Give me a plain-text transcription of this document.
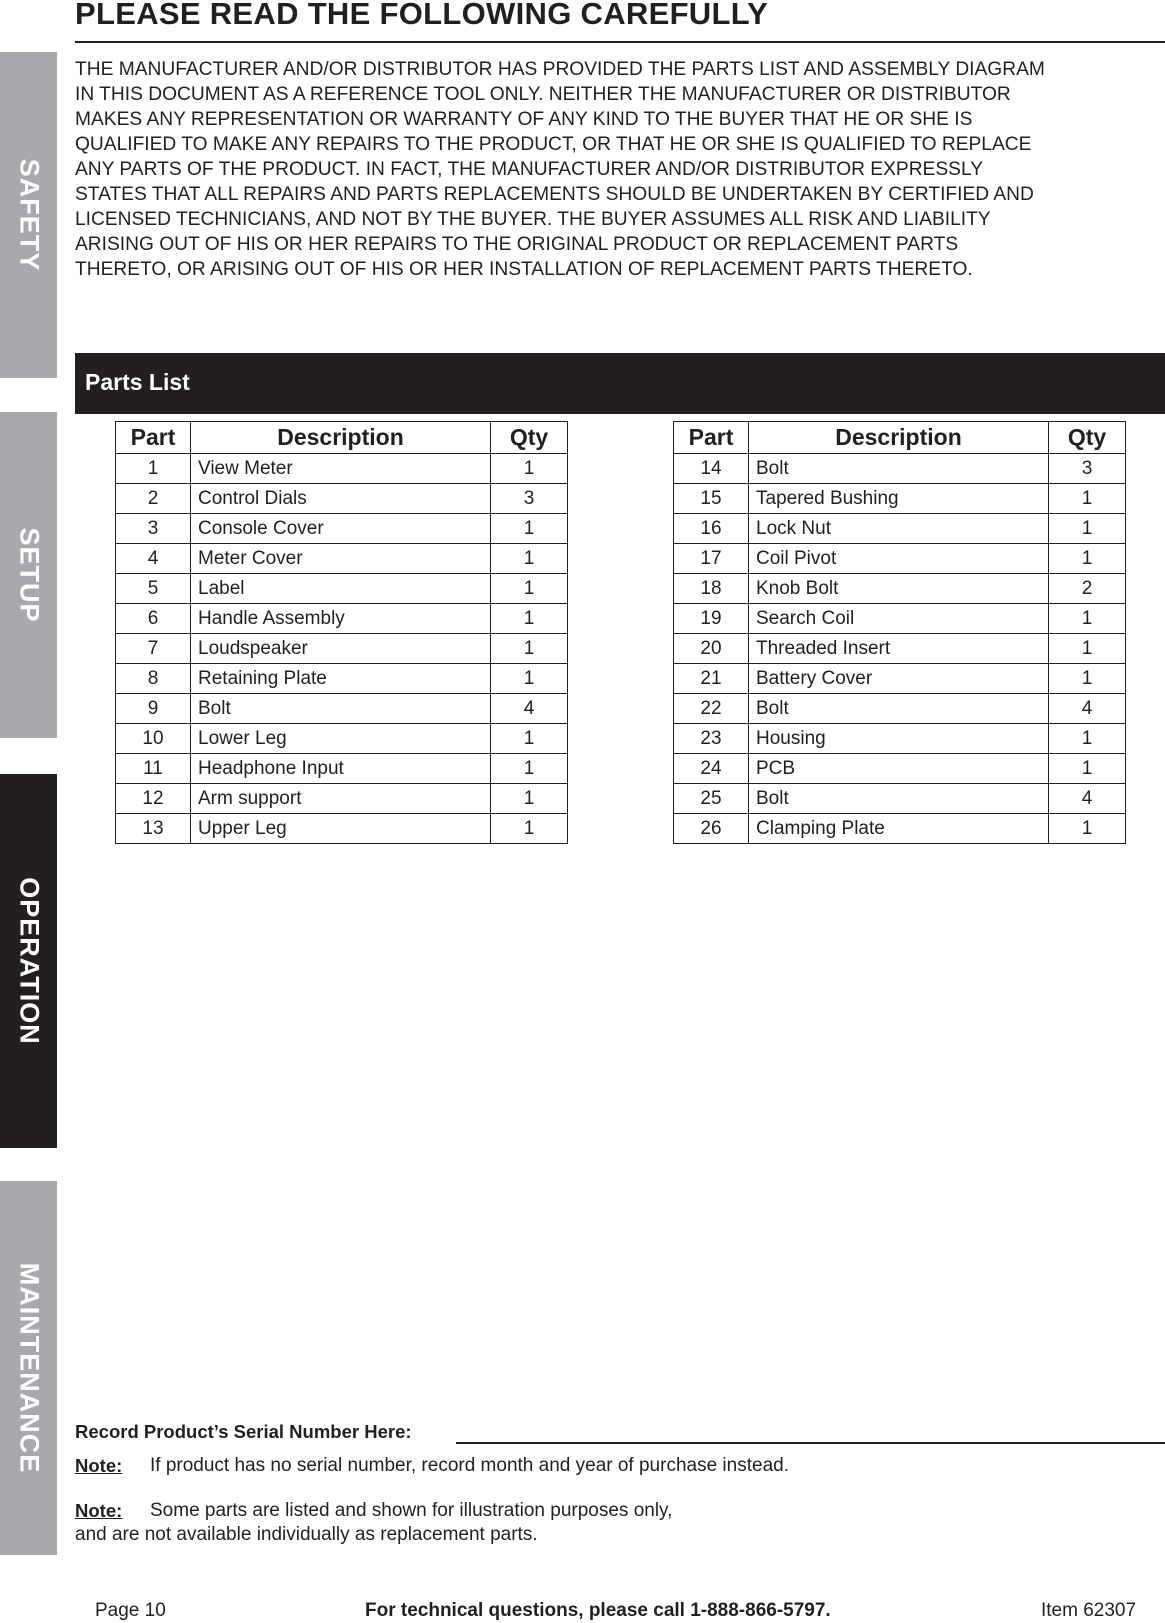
SAFETY
SETUP
OPERATION
MAINTENANCE
PLEASE READ THE FOLLOWING CAREFULLY

THE MANUFACTURER AND/OR DISTRIBUTOR HAS PROVIDED THE PARTS LIST AND ASSEMBLY DIAGRAM
IN THIS DOCUMENT AS A REFERENCE TOOL ONLY. NEITHER THE MANUFACTURER OR DISTRIBUTOR
MAKES ANY REPRESENTATION OR WARRANTY OF ANY KIND TO THE BUYER THAT HE OR SHE IS
QUALIFIED TO MAKE ANY REPAIRS TO THE PRODUCT, OR THAT HE OR SHE IS QUALIFIED TO REPLACE
ANY PARTS OF THE PRODUCT. IN FACT, THE MANUFACTURER AND/OR DISTRIBUTOR EXPRESSLY
STATES THAT ALL REPAIRS AND PARTS REPLACEMENTS SHOULD BE UNDERTAKEN BY CERTIFIED AND
LICENSED TECHNICIANS, AND NOT BY THE BUYER. THE BUYER ASSUMES ALL RISK AND LIABILITY
ARISING OUT OF HIS OR HER REPAIRS TO THE ORIGINAL PRODUCT OR REPLACEMENT PARTS
THERETO, OR ARISING OUT OF HIS OR HER INSTALLATION OF REPLACEMENT PARTS THERETO.

Parts List
Part	Description	Qty
1	View Meter	1
2	Control Dials	3
3	Console Cover	1
4	Meter Cover	1
5	Label	1
6	Handle Assembly	1
7	Loudspeaker	1
8	Retaining Plate	1
9	Bolt	4
10	Lower Leg	1
11	Headphone Input	1
12	Arm support	1
13	Upper Leg	1
Part	Description	Qty
14	Bolt	3
15	Tapered Bushing	1
16	Lock Nut	1
17	Coil Pivot	1
18	Knob Bolt	2
19	Search Coil	1
20	Threaded Insert	1
21	Battery Cover	1
22	Bolt	4
23	Housing	1
24	PCB	1
25	Bolt	4
26	Clamping Plate	1
Record Product’s Serial Number Here:
Note: If product has no serial number, record month and year of purchase instead.
Note: Some parts are listed and shown for illustration purposes only,
and are not available individually as replacement parts.
Page 10	For technical questions, please call 1-888-866-5797.	Item 62307
